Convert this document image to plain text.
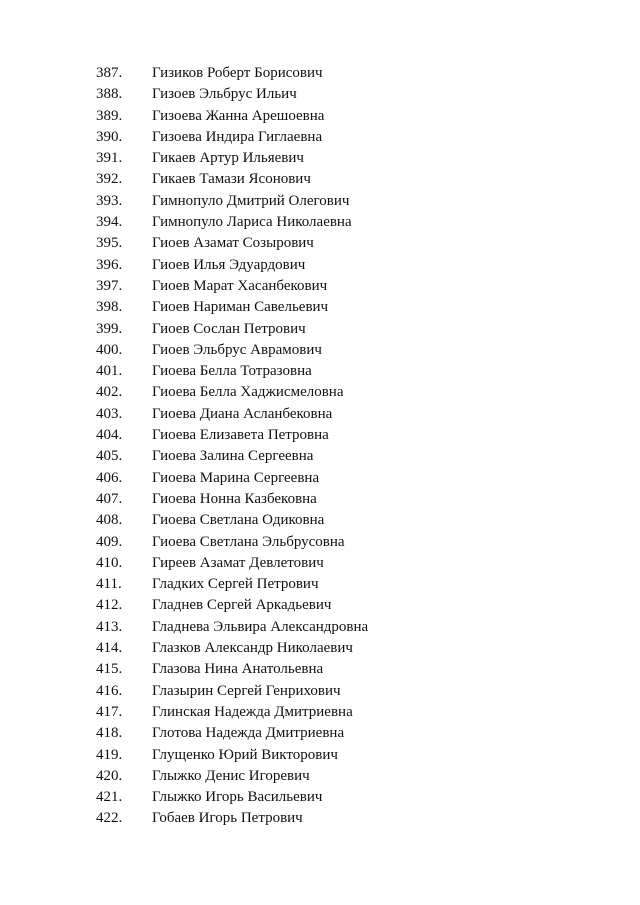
387.	Гизиков Роберт Борисович
388.	Гизоев Эльбрус Ильич
389.	Гизоева Жанна Арешоевна
390.	Гизоева Индира Гиглаевна
391.	Гикаев Артур Ильяевич
392.	Гикаев Тамази Ясонович
393.	Гимнопуло Дмитрий Олегович
394.	Гимнопуло Лариса Николаевна
395.	Гиоев Азамат Созырович
396.	Гиоев Илья Эдуардович
397.	Гиоев Марат Хасанбекович
398.	Гиоев Нариман Савельевич
399.	Гиоев Сослан Петрович
400.	Гиоев Эльбрус Аврамович
401.	Гиоева Белла Тотразовна
402.	Гиоева Белла Хаджисмеловна
403.	Гиоева Диана Асланбековна
404.	Гиоева Елизавета Петровна
405.	Гиоева Залина Сергеевна
406.	Гиоева Марина Сергеевна
407.	Гиоева Нонна Казбековна
408.	Гиоева Светлана Одиковна
409.	Гиоева Светлана Эльбрусовна
410.	Гиреев Азамат Девлетович
411.	Гладких Сергей Петрович
412.	Гладнев Сергей Аркадьевич
413.	Гладнева Эльвира Александровна
414.	Глазков Александр Николаевич
415.	Глазова Нина Анатольевна
416.	Глазырин Сергей Генрихович
417.	Глинская Надежда Дмитриевна
418.	Глотова Надежда Дмитриевна
419.	Глущенко Юрий Викторович
420.	Глыжко Денис Игоревич
421.	Глыжко Игорь Васильевич
422.	Гобаев Игорь Петрович
